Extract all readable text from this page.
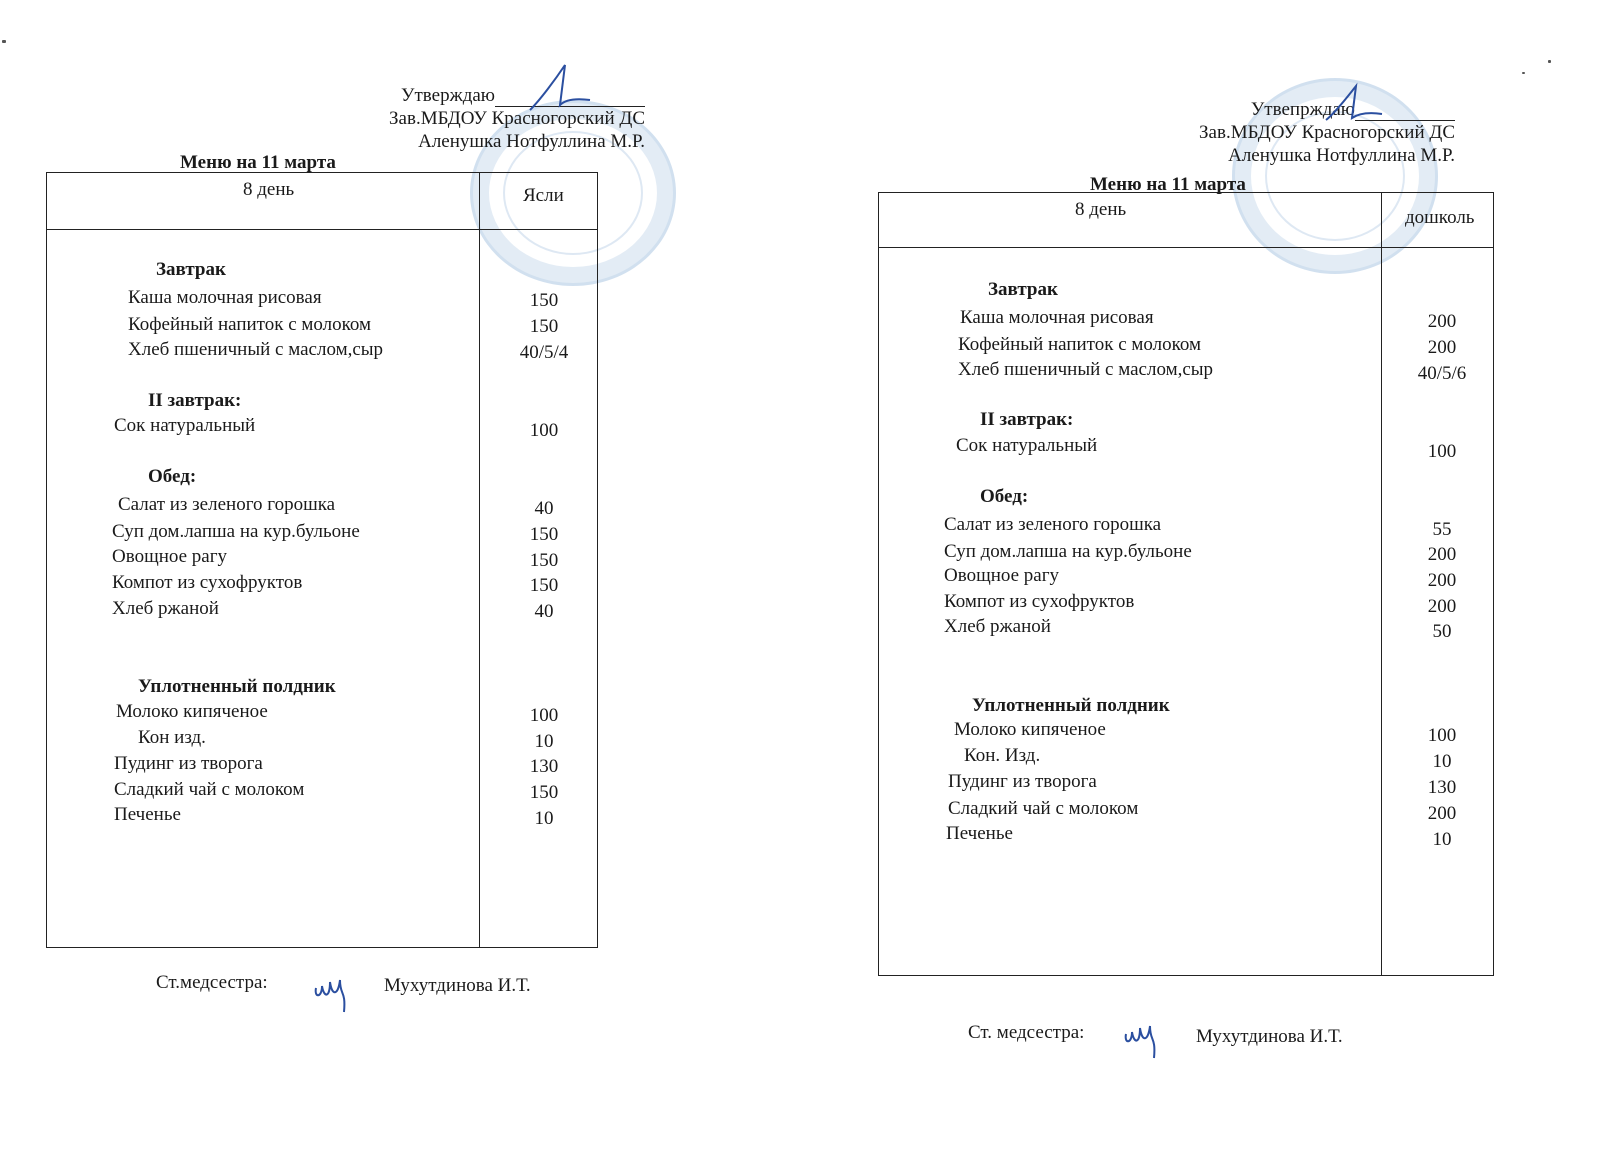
Утверждаю
Зав.МБДОУ Красногорский ДС
Аленушка Нотфуллина М.Р.
Меню на 11 марта
8 день	Ясли
Завтрак
Каша молочная рисовая	150
Кофейный напиток с молоком	150
Хлеб пшеничный с маслом,сыр	40/5/4
II завтрак:
Сок натуральный	100
Обед:
Салат из зеленого горошка	40
Суп дом.лапша на кур.бульоне	150
Овощное рагу	150
Компот из сухофруктов	150
Хлеб ржаной	40
Уплотненный полдник
Молоко кипяченое	100
Кон изд.	10
Пудинг из творога	130
Сладкий чай с молоком	150
Печенье	10
Ст.медсестра:	Мухутдинова И.Т.
Утвепрждаю
Зав.МБДОУ Красногорский ДС
Аленушка Нотфуллина М.Р.
Меню на 11 марта
8 день	дошколь
Завтрак
Каша молочная рисовая	200
Кофейный напиток с молоком	200
Хлеб пшеничный с маслом,сыр	40/5/6
II завтрак:
Сок натуральный	100
Обед:
Салат из зеленого горошка	55
Суп дом.лапша на кур.бульоне	200
Овощное рагу	200
Компот из сухофруктов	200
Хлеб ржаной	50
Уплотненный полдник
Молоко кипяченое	100
Кон. Изд.	10
Пудинг из творога	130
Сладкий чай с молоком	200
Печенье	10
Ст. медсестра:	Мухутдинова И.Т.
